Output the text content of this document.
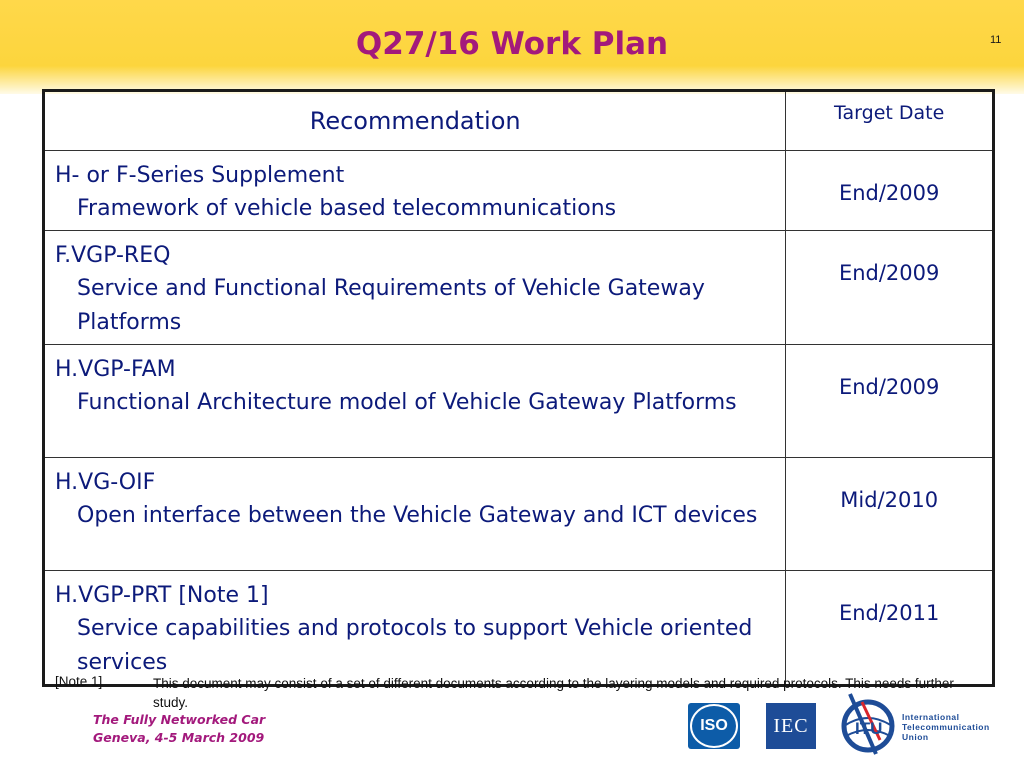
Q27/16 Work Plan	11
Recommendation	Target Date

H- or F-Series Supplement
Framework of vehicle based telecommunications	End/2009

F.VGP-REQ
Service and Functional Requirements of Vehicle Gateway Platforms	End/2009

H.VGP-FAM
Functional Architecture model of Vehicle Gateway Platforms	End/2009

H.VG-OIF
Open interface between the Vehicle Gateway and ICT devices	Mid/2010

H.VGP-PRT [Note 1]
Service capabilities and protocols to support Vehicle oriented services	End/2011
[Note 1]	This document may consist of a set of different documents according to the layering models and required protocols. This needs further study.
The Fully Networked Car
Geneva, 4-5 March 2009
ISO	IEC	ITU
International
Telecommunication
Union
